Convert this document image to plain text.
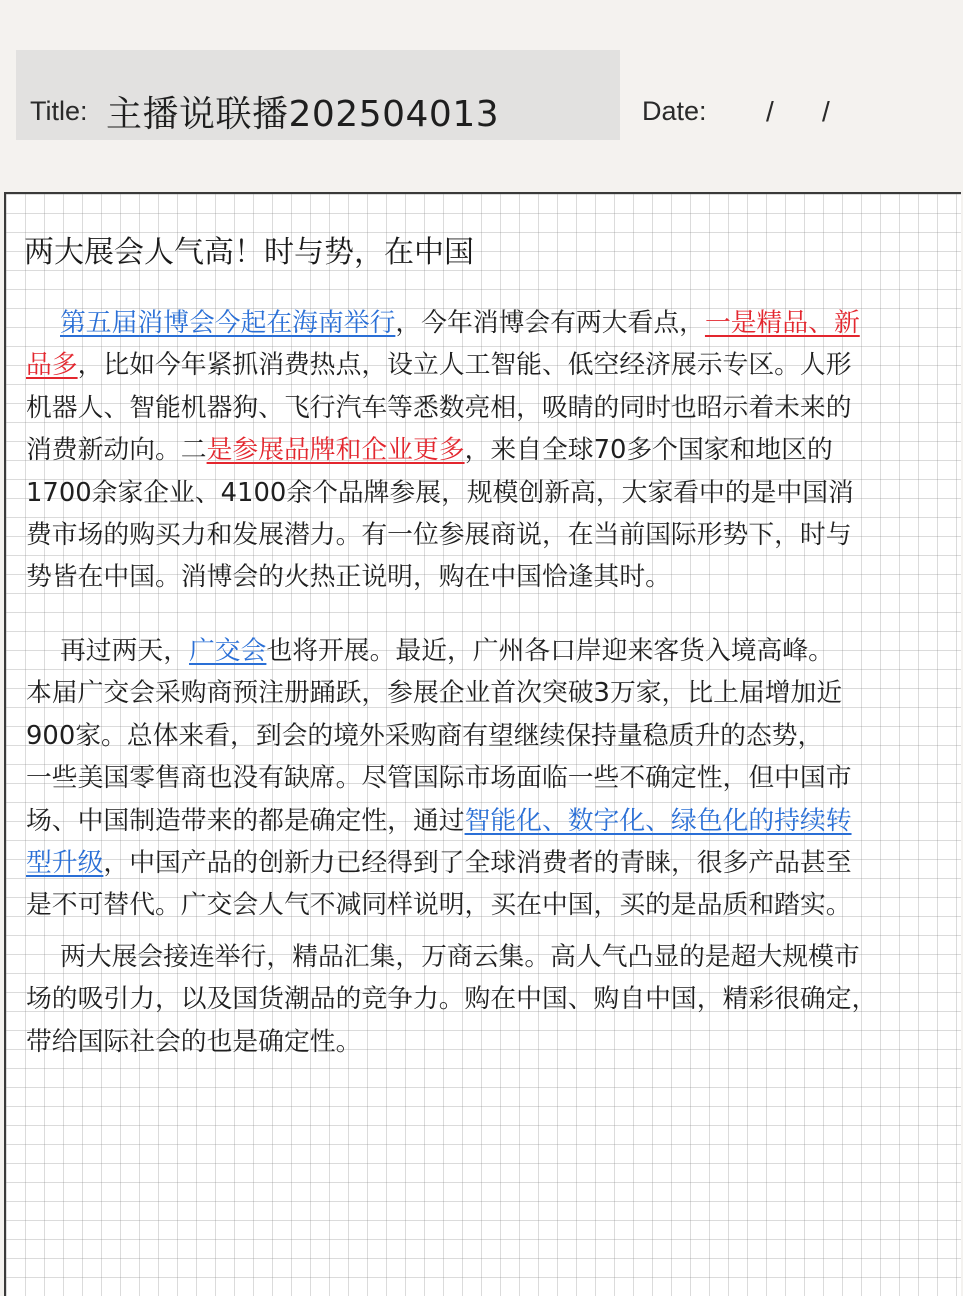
Title: 主播说联播202504013	Date: / /
两大展会人气高！时与势，在中国
第五届消博会今起在海南举行，今年消博会有两大看点，一是精品、新
品多，比如今年紧抓消费热点，设立人工智能、低空经济展示专区。人形
机器人、智能机器狗、飞行汽车等悉数亮相，吸睛的同时也昭示着未来的
消费新动向。二是参展品牌和企业更多，来自全球70多个国家和地区的
1700余家企业、4100余个品牌参展，规模创新高，大家看中的是中国消
费市场的购买力和发展潜力。有一位参展商说，在当前国际形势下，时与
势皆在中国。消博会的火热正说明，购在中国恰逢其时。
再过两天，广交会也将开展。最近，广州各口岸迎来客货入境高峰。
本届广交会采购商预注册踊跃，参展企业首次突破3万家，比上届增加近
900家。总体来看，到会的境外采购商有望继续保持量稳质升的态势，
一些美国零售商也没有缺席。尽管国际市场面临一些不确定性，但中国市
场、中国制造带来的都是确定性，通过智能化、数字化、绿色化的持续转
型升级，中国产品的创新力已经得到了全球消费者的青睐，很多产品甚至
是不可替代。广交会人气不减同样说明，买在中国，买的是品质和踏实。
两大展会接连举行，精品汇集，万商云集。高人气凸显的是超大规模市
场的吸引力，以及国货潮品的竞争力。购在中国、购自中国，精彩很确定，
带给国际社会的也是确定性。
